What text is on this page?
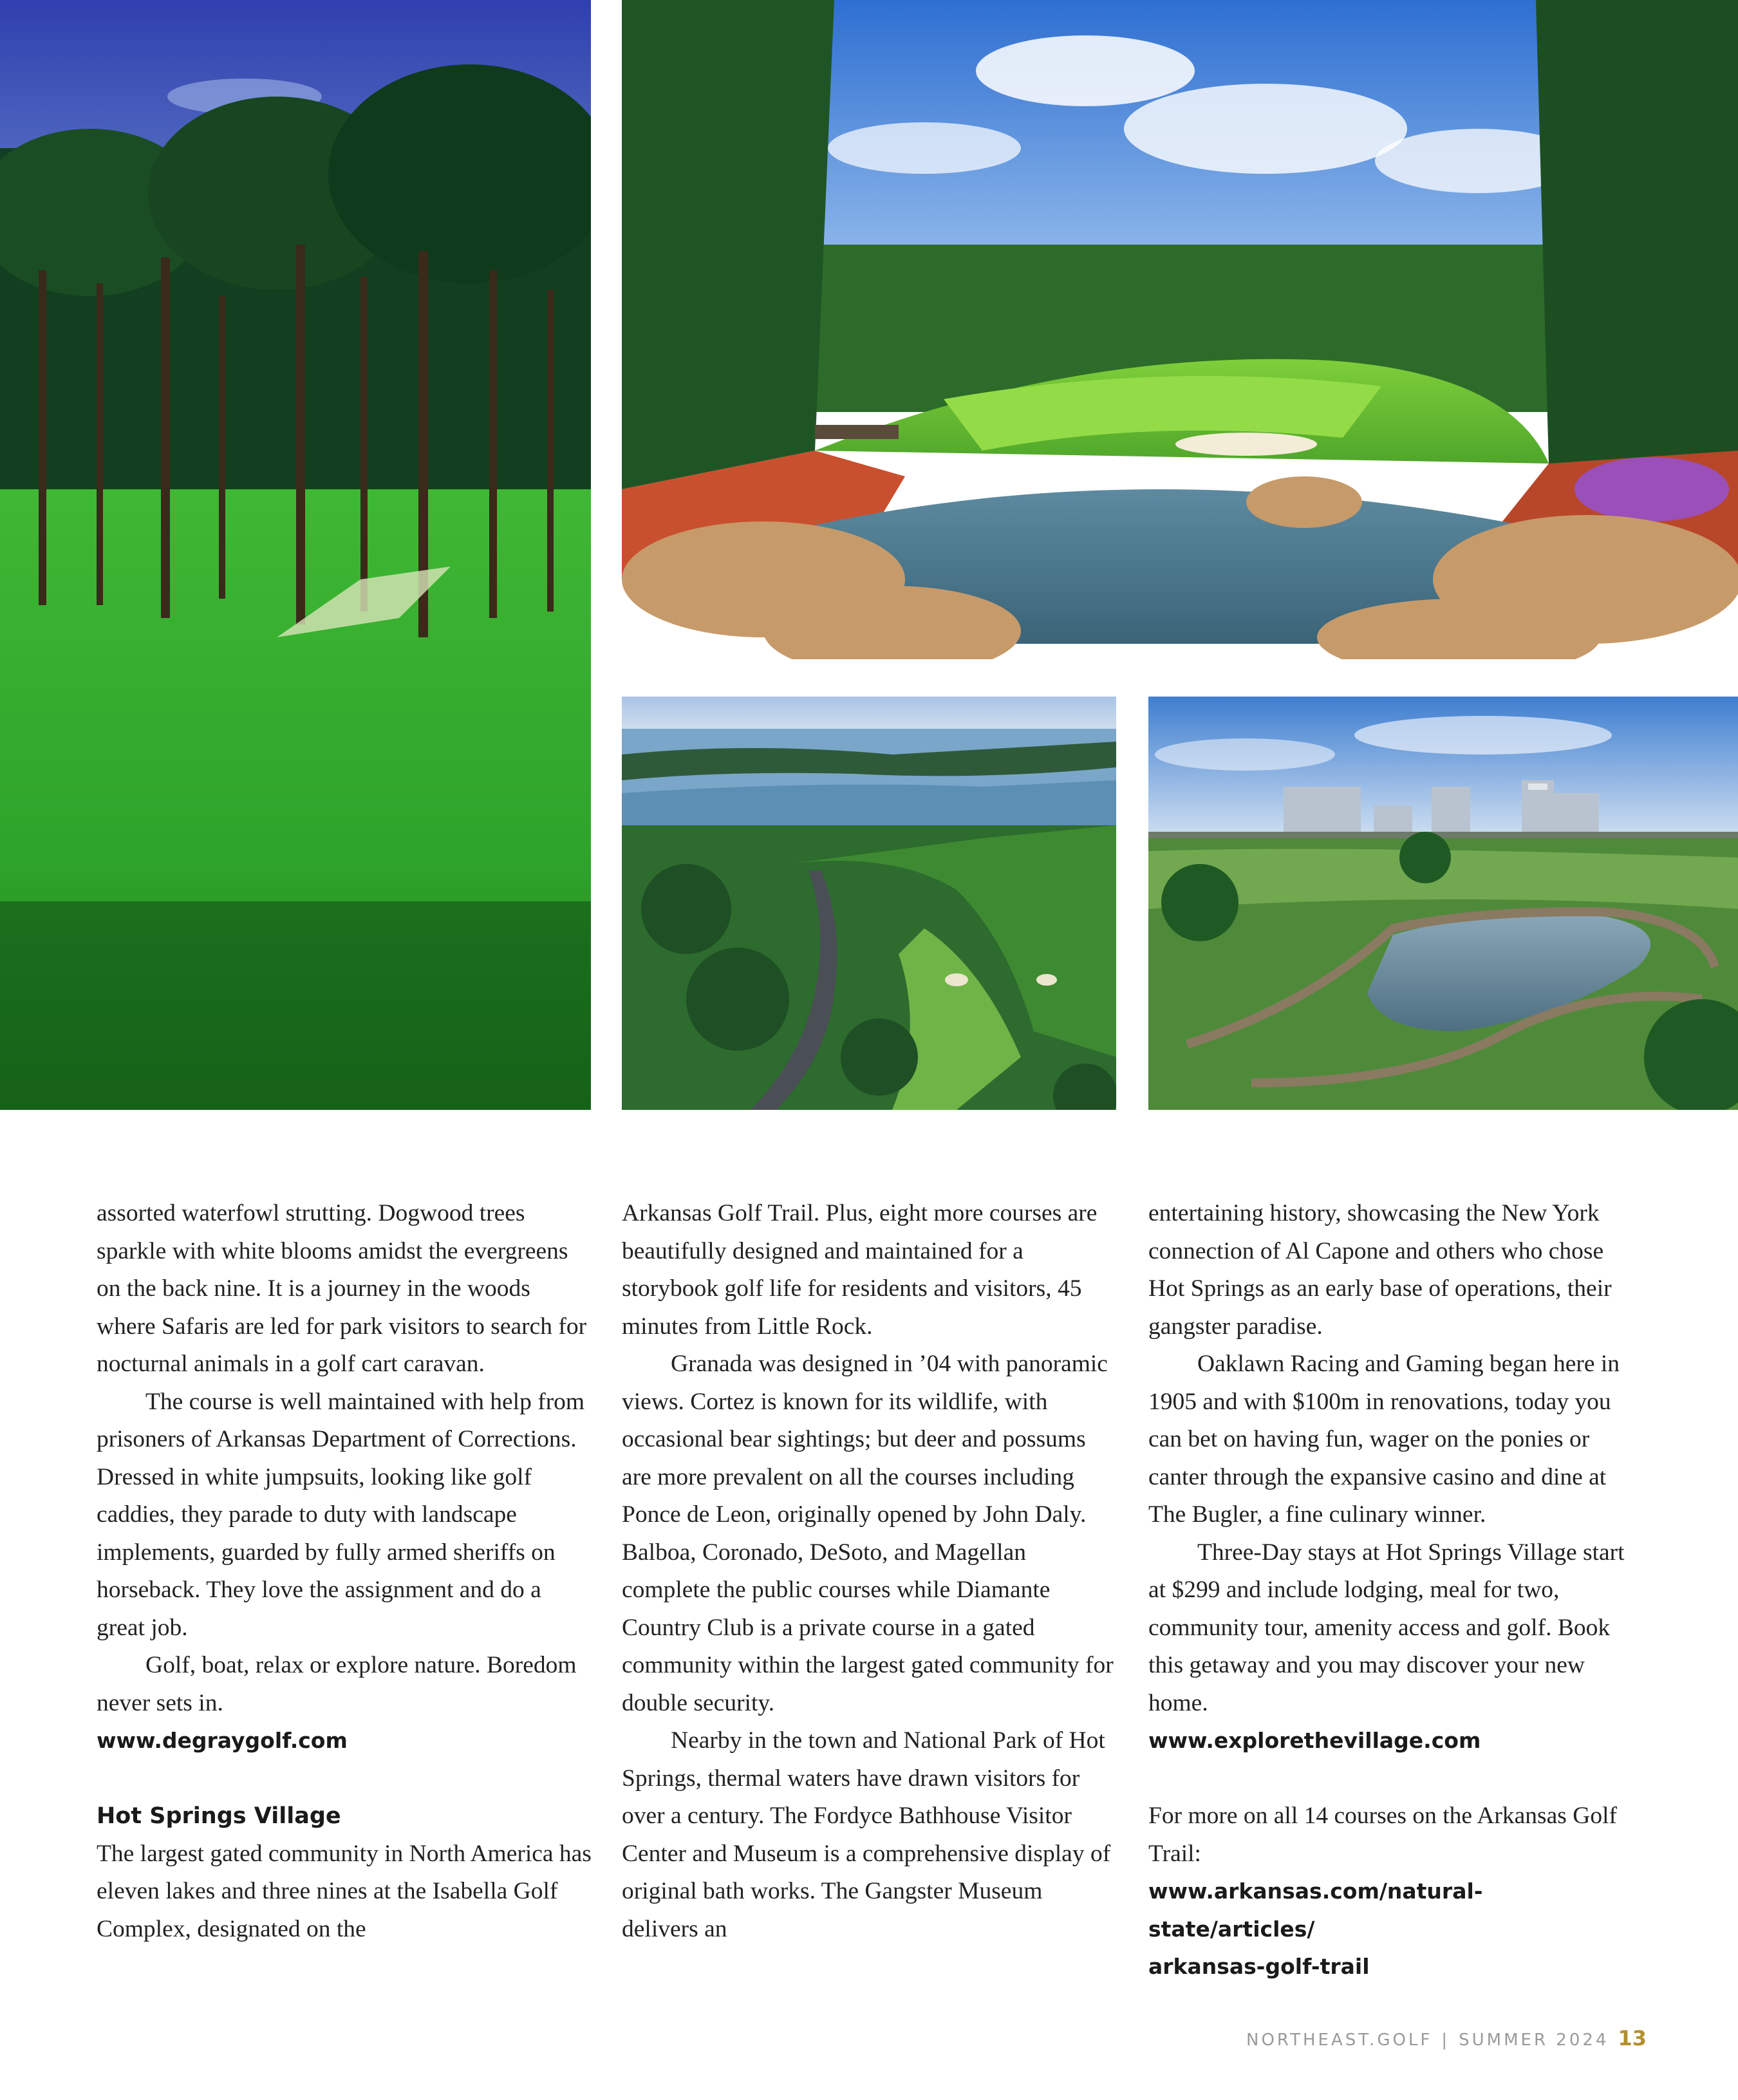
assorted waterfowl strutting. Dogwood trees sparkle with white blooms amidst the evergreens on the back nine. It is a journey in the woods where Safaris are led for park visitors to search for nocturnal animals in a golf cart caravan.

The course is well maintained with help from prisoners of Arkansas Department of Corrections. Dressed in white jumpsuits, looking like golf caddies, they parade to duty with landscape implements, guarded by fully armed sheriffs on horseback. They love the assignment and do a great job.

Golf, boat, relax or explore nature. Boredom never sets in.

www.degraygolf.com

Hot Springs Village

The largest gated community in North America has eleven lakes and three nines at the Isabella Golf Complex, designated on the

Arkansas Golf Trail. Plus, eight more courses are beautifully designed and maintained for a storybook golf life for residents and visitors, 45 minutes from Little Rock.

Granada was designed in ’04 with panoramic views. Cortez is known for its wildlife, with occasional bear sightings; but deer and possums are more prevalent on all the courses including Ponce de Leon, originally opened by John Daly. Balboa, Coronado, DeSoto, and Magellan complete the public courses while Diamante Country Club is a private course in a gated community within the largest gated community for double security.

Nearby in the town and National Park of Hot Springs, thermal waters have drawn visitors for over a century. The Fordyce Bathhouse Visitor Center and Museum is a comprehensive display of original bath works. The Gangster Museum delivers an

entertaining history, showcasing the New York connection of Al Capone and others who chose Hot Springs as an early base of operations, their gangster paradise.

Oaklawn Racing and Gaming began here in 1905 and with $100m in renovations, today you can bet on having fun, wager on the ponies or canter through the expansive casino and dine at The Bugler, a fine culinary winner.

Three-Day stays at Hot Springs Village start at $299 and include lodging, meal for two, community tour, amenity access and golf. Book this getaway and you may discover your new home.

www.explorethevillage.com

For more on all 14 courses on the Arkansas Golf Trail:

www.arkansas.com/natural-state/articles/
arkansas-golf-trail

NORTHEAST.GOLF | SUMMER 2024 13
